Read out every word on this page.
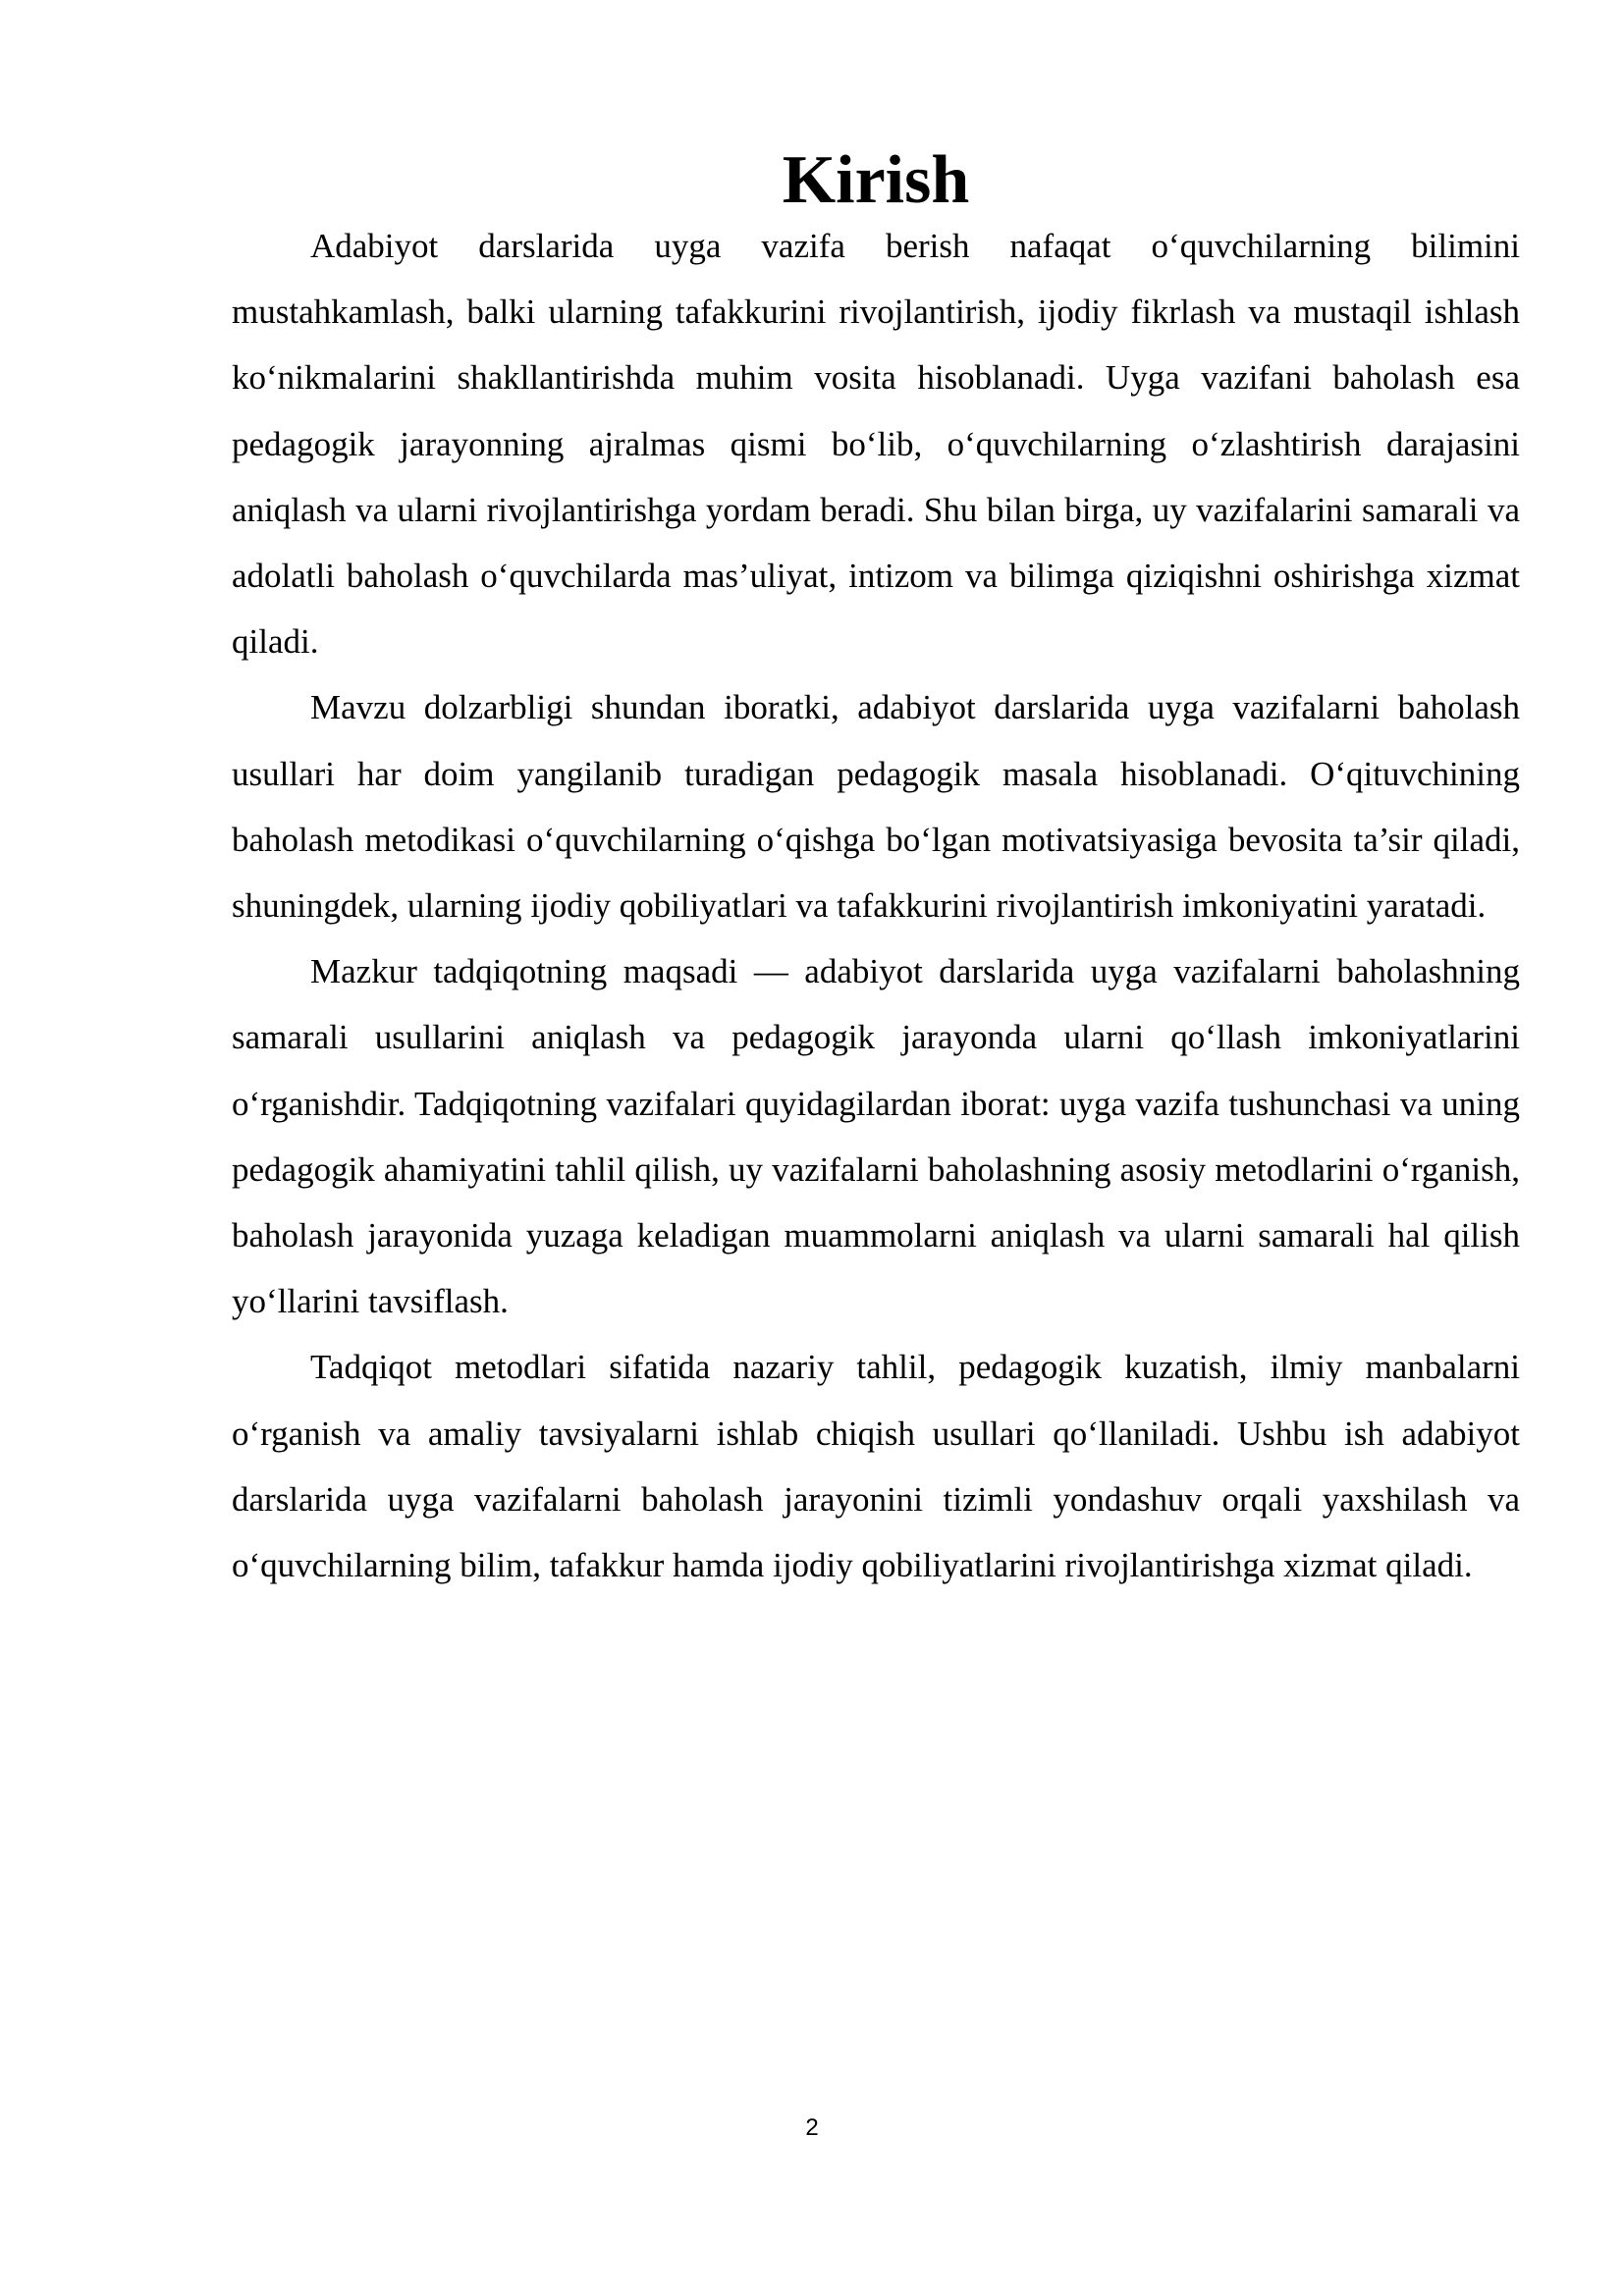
Kirish

Adabiyot darslarida uyga vazifa berish nafaqat o‘quvchilarning bilimini mustahkamlash, balki ularning tafakkurini rivojlantirish, ijodiy fikrlash va mustaqil ishlash ko‘nikmalarini shakllantirishda muhim vosita hisoblanadi. Uyga vazifani baholash esa pedagogik jarayonning ajralmas qismi bo‘lib, o‘quvchilarning o‘zlashtirish darajasini aniqlash va ularni rivojlantirishga yordam beradi. Shu bilan birga, uy vazifalarini samarali va adolatli baholash o‘quvchilarda mas’uliyat, intizom va bilimga qiziqishni oshirishga xizmat qiladi.

Mavzu dolzarbligi shundan iboratki, adabiyot darslarida uyga vazifalarni baholash usullari har doim yangilanib turadigan pedagogik masala hisoblanadi. O‘qituvchining baholash metodikasi o‘quvchilarning o‘qishga bo‘lgan motivatsiyasiga bevosita ta’sir qiladi, shuningdek, ularning ijodiy qobiliyatlari va tafakkurini rivojlantirish imkoniyatini yaratadi.

Mazkur tadqiqotning maqsadi — adabiyot darslarida uyga vazifalarni baholashning samarali usullarini aniqlash va pedagogik jarayonda ularni qo‘llash imkoniyatlarini o‘rganishdir. Tadqiqotning vazifalari quyidagilardan iborat: uyga vazifa tushunchasi va uning pedagogik ahamiyatini tahlil qilish, uy vazifalarni baholashning asosiy metodlarini o‘rganish, baholash jarayonida yuzaga keladigan muammolarni aniqlash va ularni samarali hal qilish yo‘llarini tavsiflash.

Tadqiqot metodlari sifatida nazariy tahlil, pedagogik kuzatish, ilmiy manbalarni o‘rganish va amaliy tavsiyalarni ishlab chiqish usullari qo‘llaniladi. Ushbu ish adabiyot darslarida uyga vazifalarni baholash jarayonini tizimli yondashuv orqali yaxshilash va o‘quvchilarning bilim, tafakkur hamda ijodiy qobiliyatlarini rivojlantirishga xizmat qiladi.

2
